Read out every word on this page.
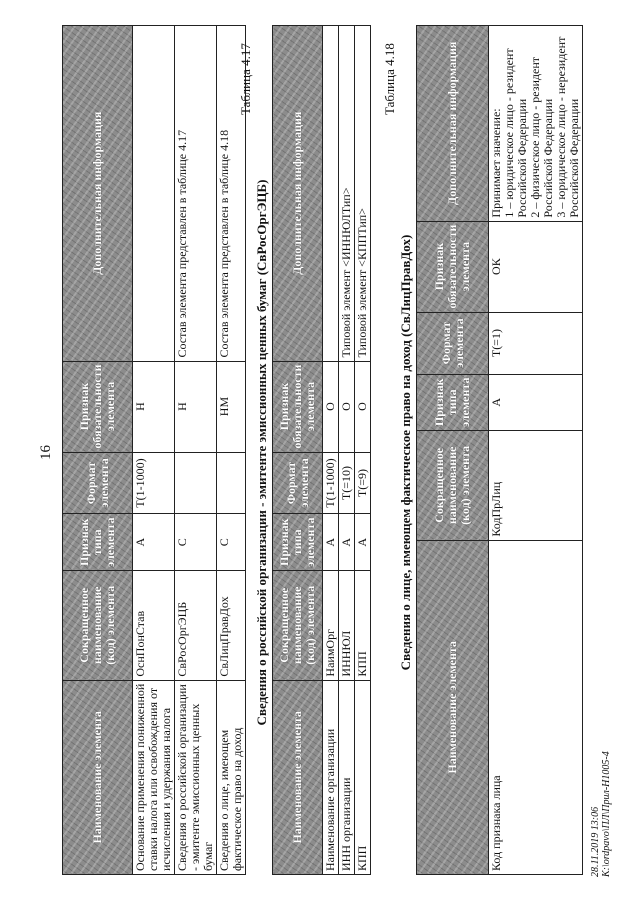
16
Наименование элемента	Сокращенное наименование (код) элемента	Признак типа элемента	Формат элемента	Признак обязательности элемента	Дополнительная информация
Основание применения пониженной ставки налога или освобождения от исчисления и удержания налога	ОснПонСтав	А	T(1-1000)	Н	
Сведения о российской организации - эмитенте эмиссионных ценных бумаг	СвРосОргЭЦБ	С		Н	Состав элемента представлен в таблице 4.17
Сведения о лице, имеющем фактическое право на доход	СвЛицПравДох	С		НМ	Состав элемента представлен в таблице 4.18
Таблица 4.17
Сведения о российской организации - эмитенте эмиссионных ценных бумаг (СвРосОргЭЦБ)
Наименование элемента	Сокращенное наименование (код) элемента	Признак типа элемента	Формат элемента	Признак обязательности элемента	Дополнительная информация
Наименование организации	НаимОрг	А	T(1-1000)	О	
ИНН организации	ИННЮЛ	А	T(=10)	О	Типовой элемент <ИННЮЛТип>
КПП	КПП	А	T(=9)	О	Типовой элемент <КППТип>
Таблица 4.18
Сведения о лице, имеющем фактическое право на доход (СвЛицПравДох)
Наименование элемента	Сокращенное наименование (код) элемента	Признак типа элемента	Формат элемента	Признак обязательности элемента	Дополнительная информация
Код признака лица	КодПрЛиц	А	T(=1)	ОК	Принимает значение: 1 – юридическое лицо - резидент Российской Федерации 2 – физическое лицо - резидент Российской Федерации 3 – юридическое лицо - нерезидент Российской Федерации
28.11.2019 13:06 К:\ordpavo\ПЛ\Прил-Н1005-4
